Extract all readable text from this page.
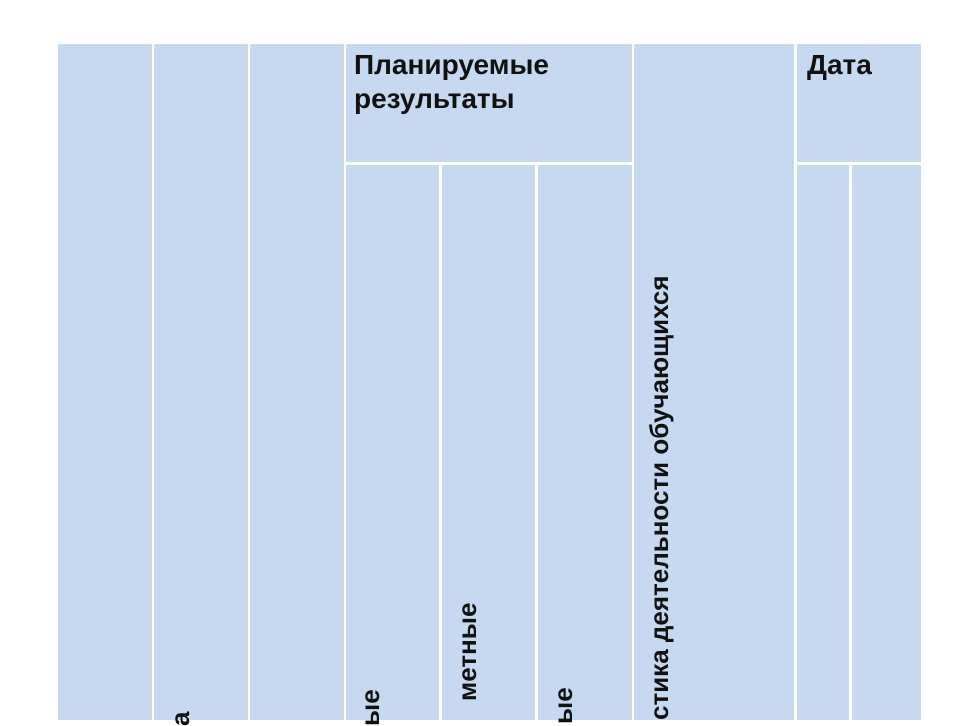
а
Планируемые результаты
ые
метные
ые	стика деятельности обучающихся
Дата
